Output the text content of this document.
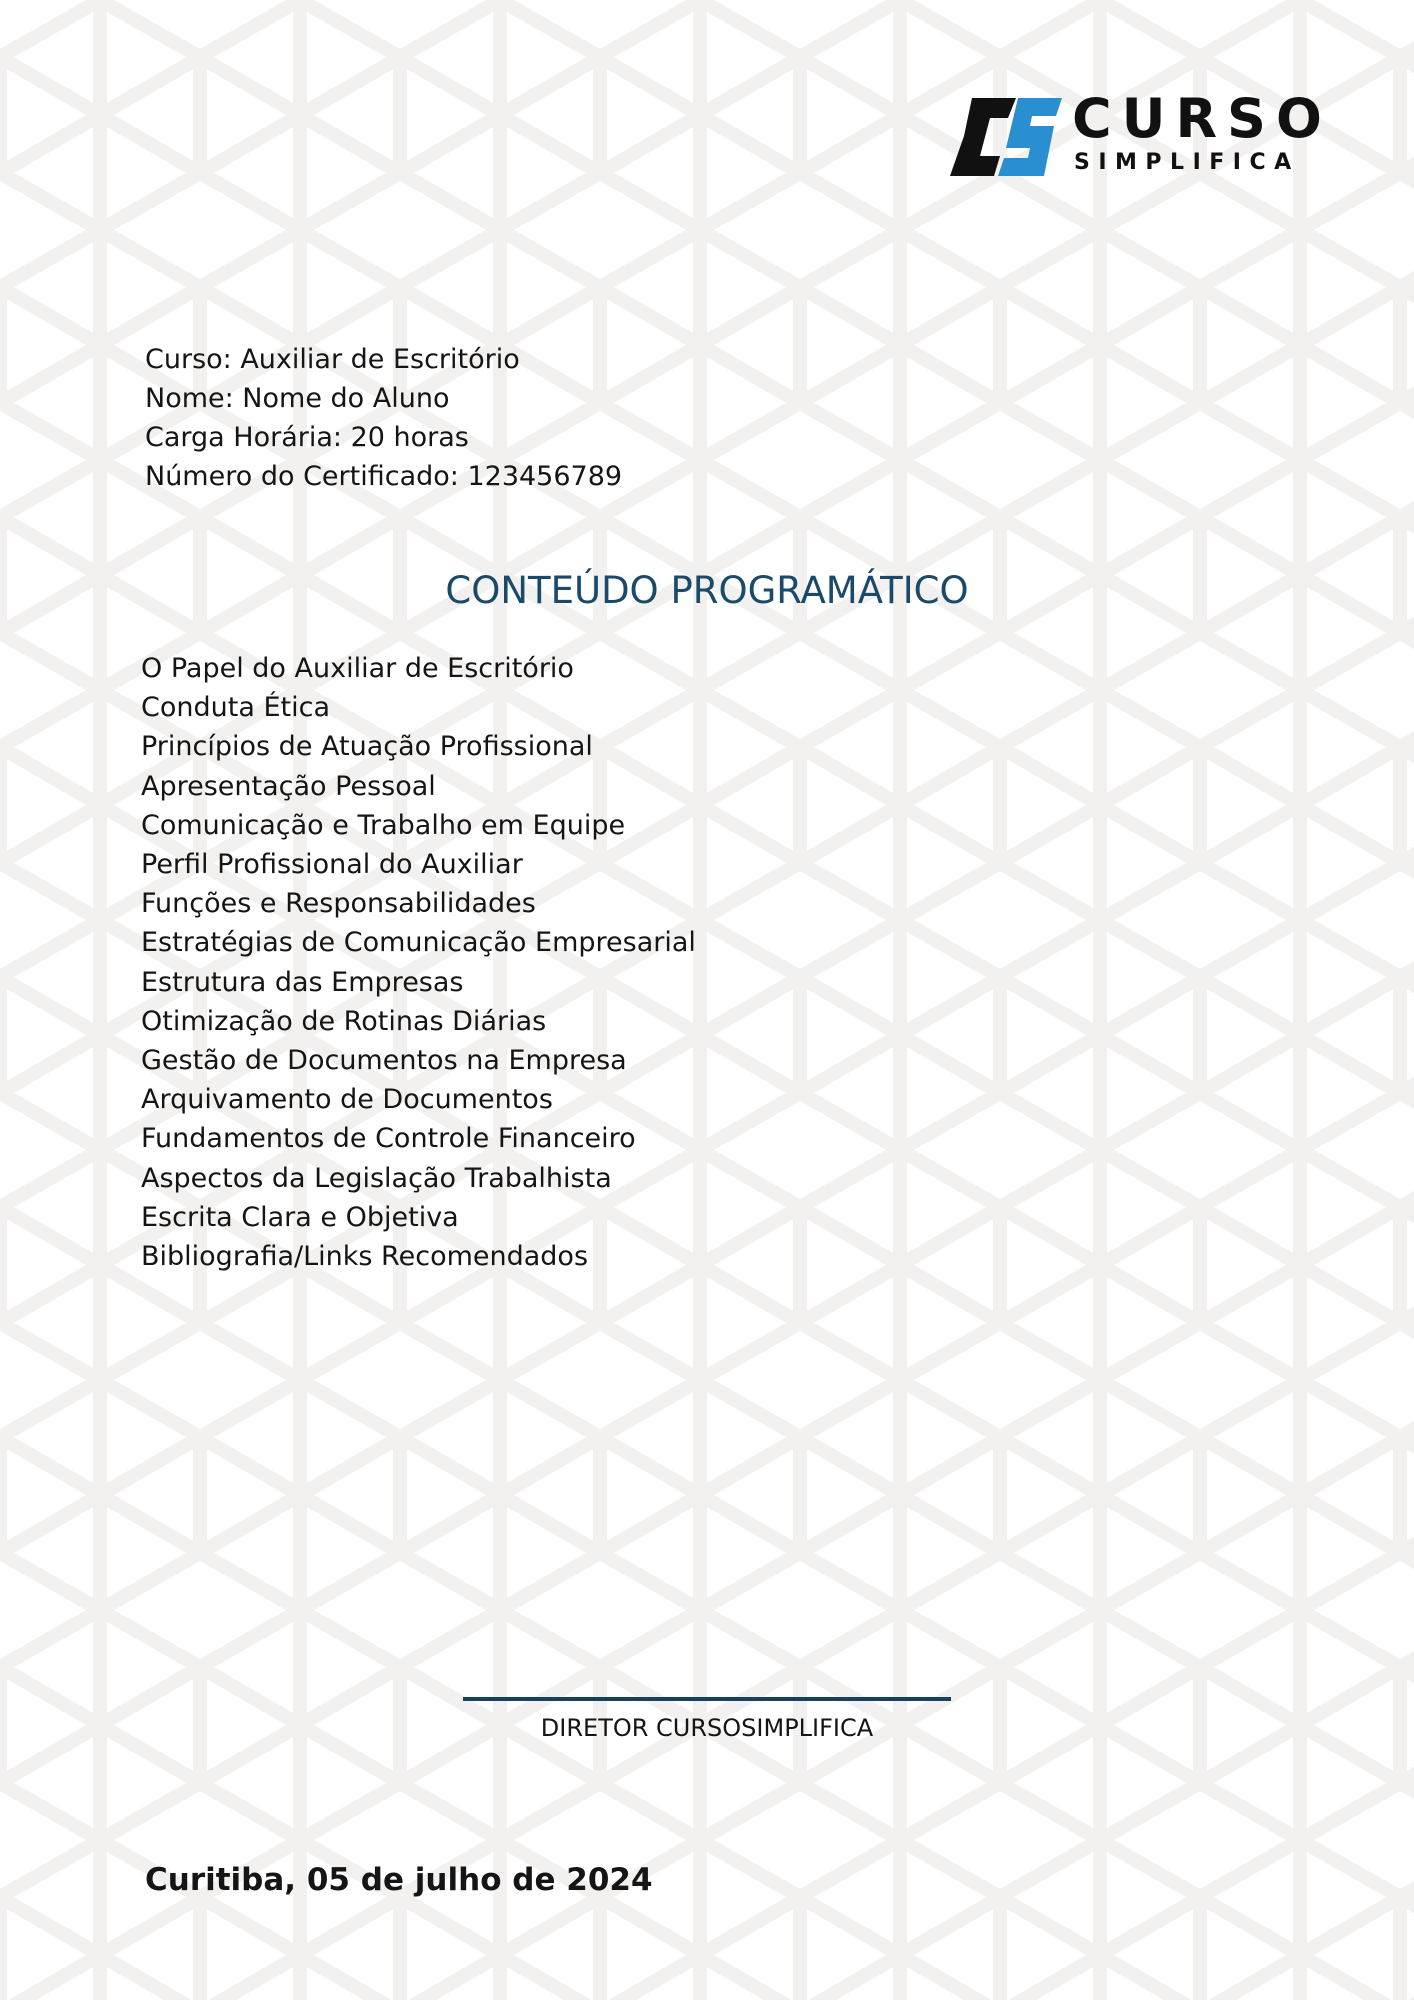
CURSO
SIMPLIFICA
Curso: Auxiliar de Escritório
Nome: Nome do Aluno
Carga Horária: 20 horas
Número do Certificado: 123456789
CONTEÚDO PROGRAMÁTICO
O Papel do Auxiliar de Escritório
Conduta Ética
Princípios de Atuação Profissional
Apresentação Pessoal
Comunicação e Trabalho em Equipe
Perfil Profissional do Auxiliar
Funções e Responsabilidades
Estratégias de Comunicação Empresarial
Estrutura das Empresas
Otimização de Rotinas Diárias
Gestão de Documentos na Empresa
Arquivamento de Documentos
Fundamentos de Controle Financeiro
Aspectos da Legislação Trabalhista
Escrita Clara e Objetiva
Bibliografia/Links Recomendados
DIRETOR CURSOSIMPLIFICA
Curitiba, 05 de julho de 2024
